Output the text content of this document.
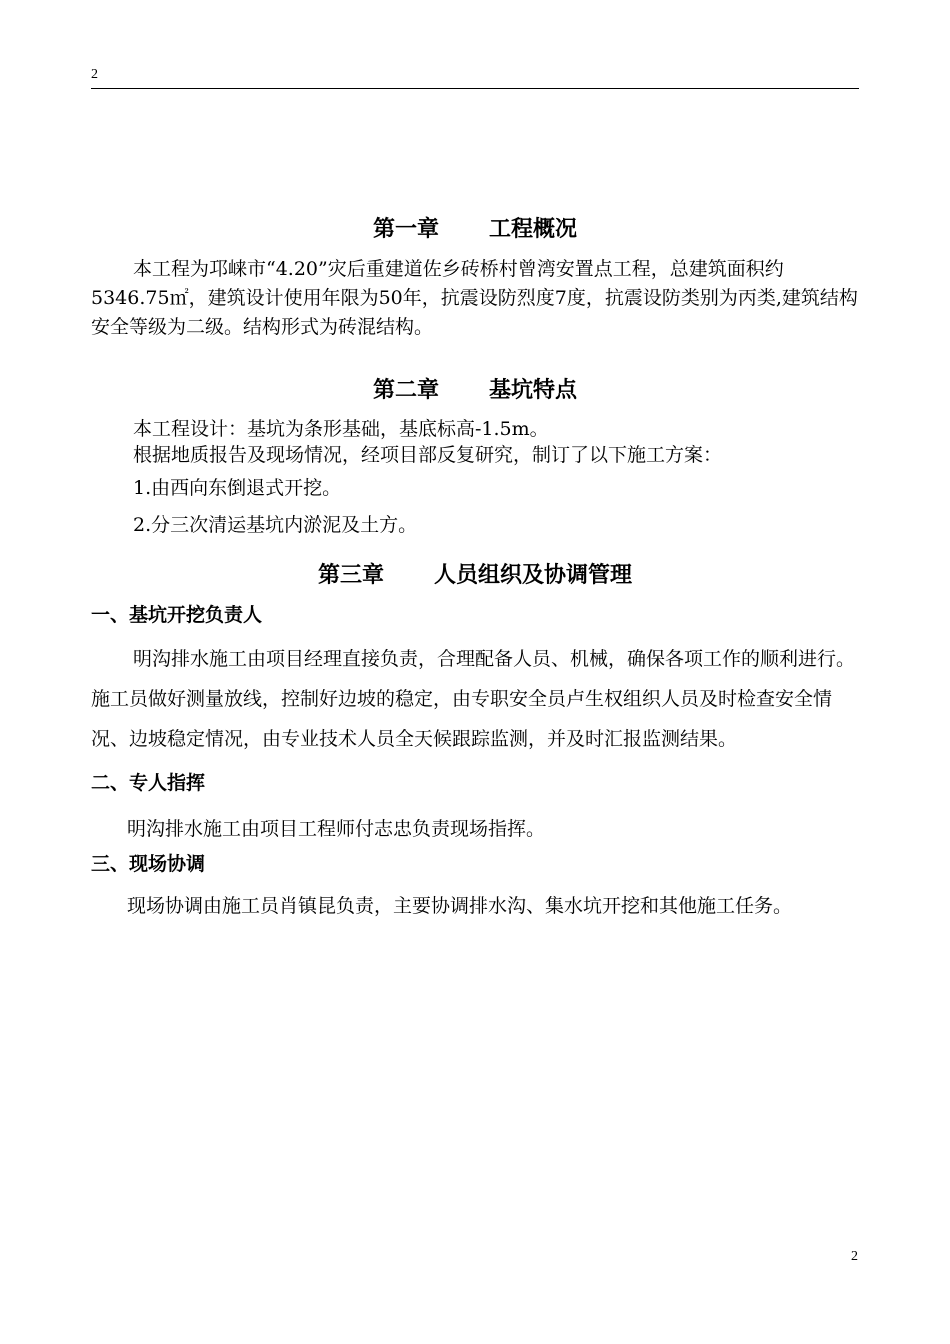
2
第一章 工程概况

本工程为邛崃市“4.20”灾后重建道佐乡砖桥村曾湾安置点工程，总建筑面积约5346.75㎡，建筑设计使用年限为50年，抗震设防烈度7度，抗震设防类别为丙类,建筑结构安全等级为二级。结构形式为砖混结构。

第二章 基坑特点

本工程设计：基坑为条形基础，基底标高-1.5m。

根据地质报告及现场情况，经项目部反复研究，制订了以下施工方案：

1.由西向东倒退式开挖。

2.分三次清运基坑内淤泥及土方。

第三章 人员组织及协调管理

一、基坑开挖负责人

明沟排水施工由项目经理直接负责，合理配备人员、机械，确保各项工作的顺利进行。施工员做好测量放线，控制好边坡的稳定，由专职安全员卢生权组织人员及时检查安全情况、边坡稳定情况，由专业技术人员全天候跟踪监测，并及时汇报监测结果。

二、专人指挥

明沟排水施工由项目工程师付志忠负责现场指挥。

三、现场协调

现场协调由施工员肖镇昆负责，主要协调排水沟、集水坑开挖和其他施工任务。

2
